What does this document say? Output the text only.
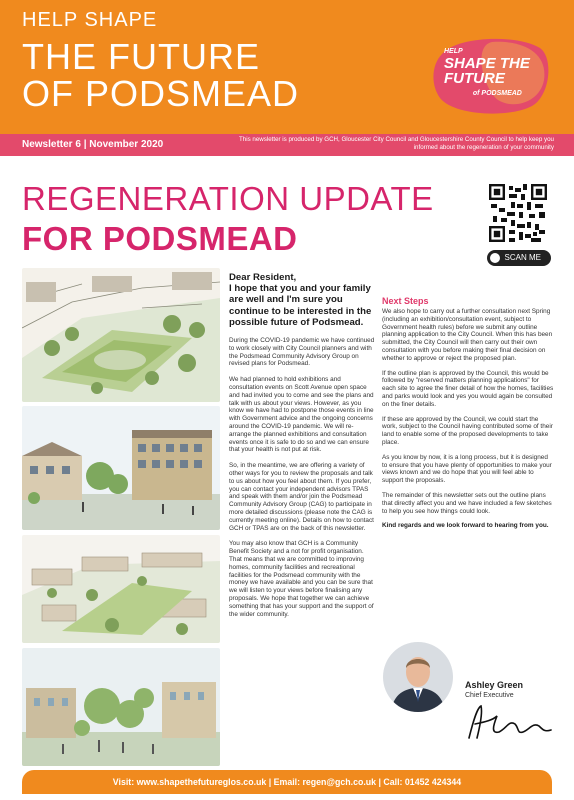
HELP SHAPE
THE FUTURE
OF PODSMEAD
HELP
SHAPE THE
FUTURE
of PODSMEAD
Newsletter 6 | November 2020	This newsletter is produced by GCH, Gloucester City Council and Gloucestershire County Council to help keep you informed about the regeneration of your community
REGENERATION UPDATE
FOR PODSMEAD
SCAN ME
Dear Resident,
I hope that you and your family are well and I'm sure you continue to be interested in the possible future of Podsmead.

During the COVID-19 pandemic we have continued to work closely with City Council planners and with the Podsmead Community Advisory Group on revised plans for Podsmead.

We had planned to hold exhibitions and consultation events on Scott Avenue open space and had invited you to come and see the plans and talk with us about your views. However, as you know we have had to postpone those events in line with Government advice and the ongoing concerns around the COVID-19 pandemic. We will re-arrange the planned exhibitions and consultation events once it is safe to do so and we can ensure that your health is not put at risk.

So, in the meantime, we are offering a variety of other ways for you to review the proposals and talk to us about how you feel about them. If you prefer, you can contact your independent advisors TPAS and speak with them and/or join the Podsmead Community Advisory Group (CAG) to participate in more detailed discussions (please note the CAG is currently meeting online). Details on how to contact GCH or TPAS are on the back of this newsletter.

You may also know that GCH is a Community Benefit Society and a not for profit organisation. That means that we are committed to improving homes, community facilities and recreational facilities for the Podsmead community with the money we have available and you can be sure that we will listen to your views before finalising any proposals. We hope that together we can achieve something that has your support and the support of the wider community.

Next Steps

We also hope to carry out a further consultation next Spring (including an exhibition/consultation event, subject to Government health rules) before we submit any outline planning application to the City Council. When this has been submitted, the City Council will then carry out their own consultation with you before making their final decision on whether to approve or reject the proposed plan.

If the outline plan is approved by the Council, this would be followed by "reserved matters planning applications" for each site to agree the finer detail of how the homes, facilities and parks would look and yes you would again be consulted on the finer details.

If these are approved by the Council, we could start the work, subject to the Council having contributed some of their land to enable some of the proposed developments to take place.

As you know by now, it is a long process, but it is designed to ensure that you have plenty of opportunities to make your views known and we do hope that you will feel able to support the proposals.

The remainder of this newsletter sets out the outline plans that directly affect you and we have included a few sketches to help you see how things could look.

Kind regards and we look forward to hearing from you.

Ashley Green
Chief Executive
Visit: www.shapethefutureglos.co.uk | Email: regen@gch.co.uk | Call: 01452 424344
